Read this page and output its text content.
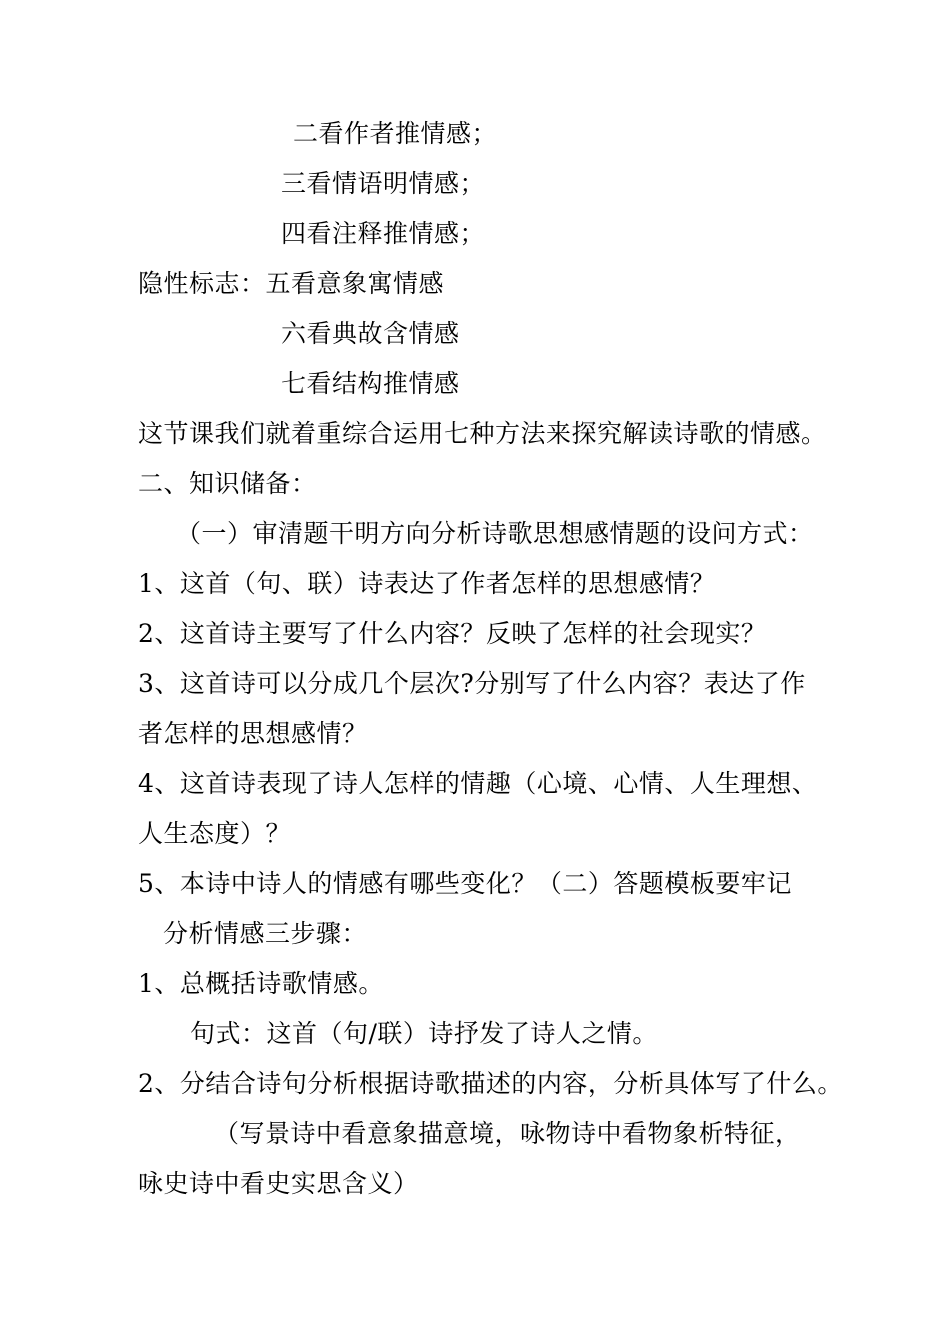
二看作者推情感；
三看情语明情感；
四看注释推情感；
隐性标志：五看意象寓情感
六看典故含情感
七看结构推情感
这节课我们就着重综合运用七种方法来探究解读诗歌的情感。
二、知识储备：
（一）审清题干明方向分析诗歌思想感情题的设问方式：
1、这首（句、联）诗表达了作者怎样的思想感情？
2、这首诗主要写了什么内容？反映了怎样的社会现实？
3、这首诗可以分成几个层次?分别写了什么内容？表达了作
者怎样的思想感情？
4、这首诗表现了诗人怎样的情趣（心境、心情、人生理想、
人生态度）？
5、本诗中诗人的情感有哪些变化？（二）答题模板要牢记
分析情感三步骤：
1、总概括诗歌情感。
句式：这首（句/联）诗抒发了诗人之情。
2、分结合诗句分析根据诗歌描述的内容，分析具体写了什么。
（写景诗中看意象描意境，咏物诗中看物象析特征，
咏史诗中看史实思含义）
